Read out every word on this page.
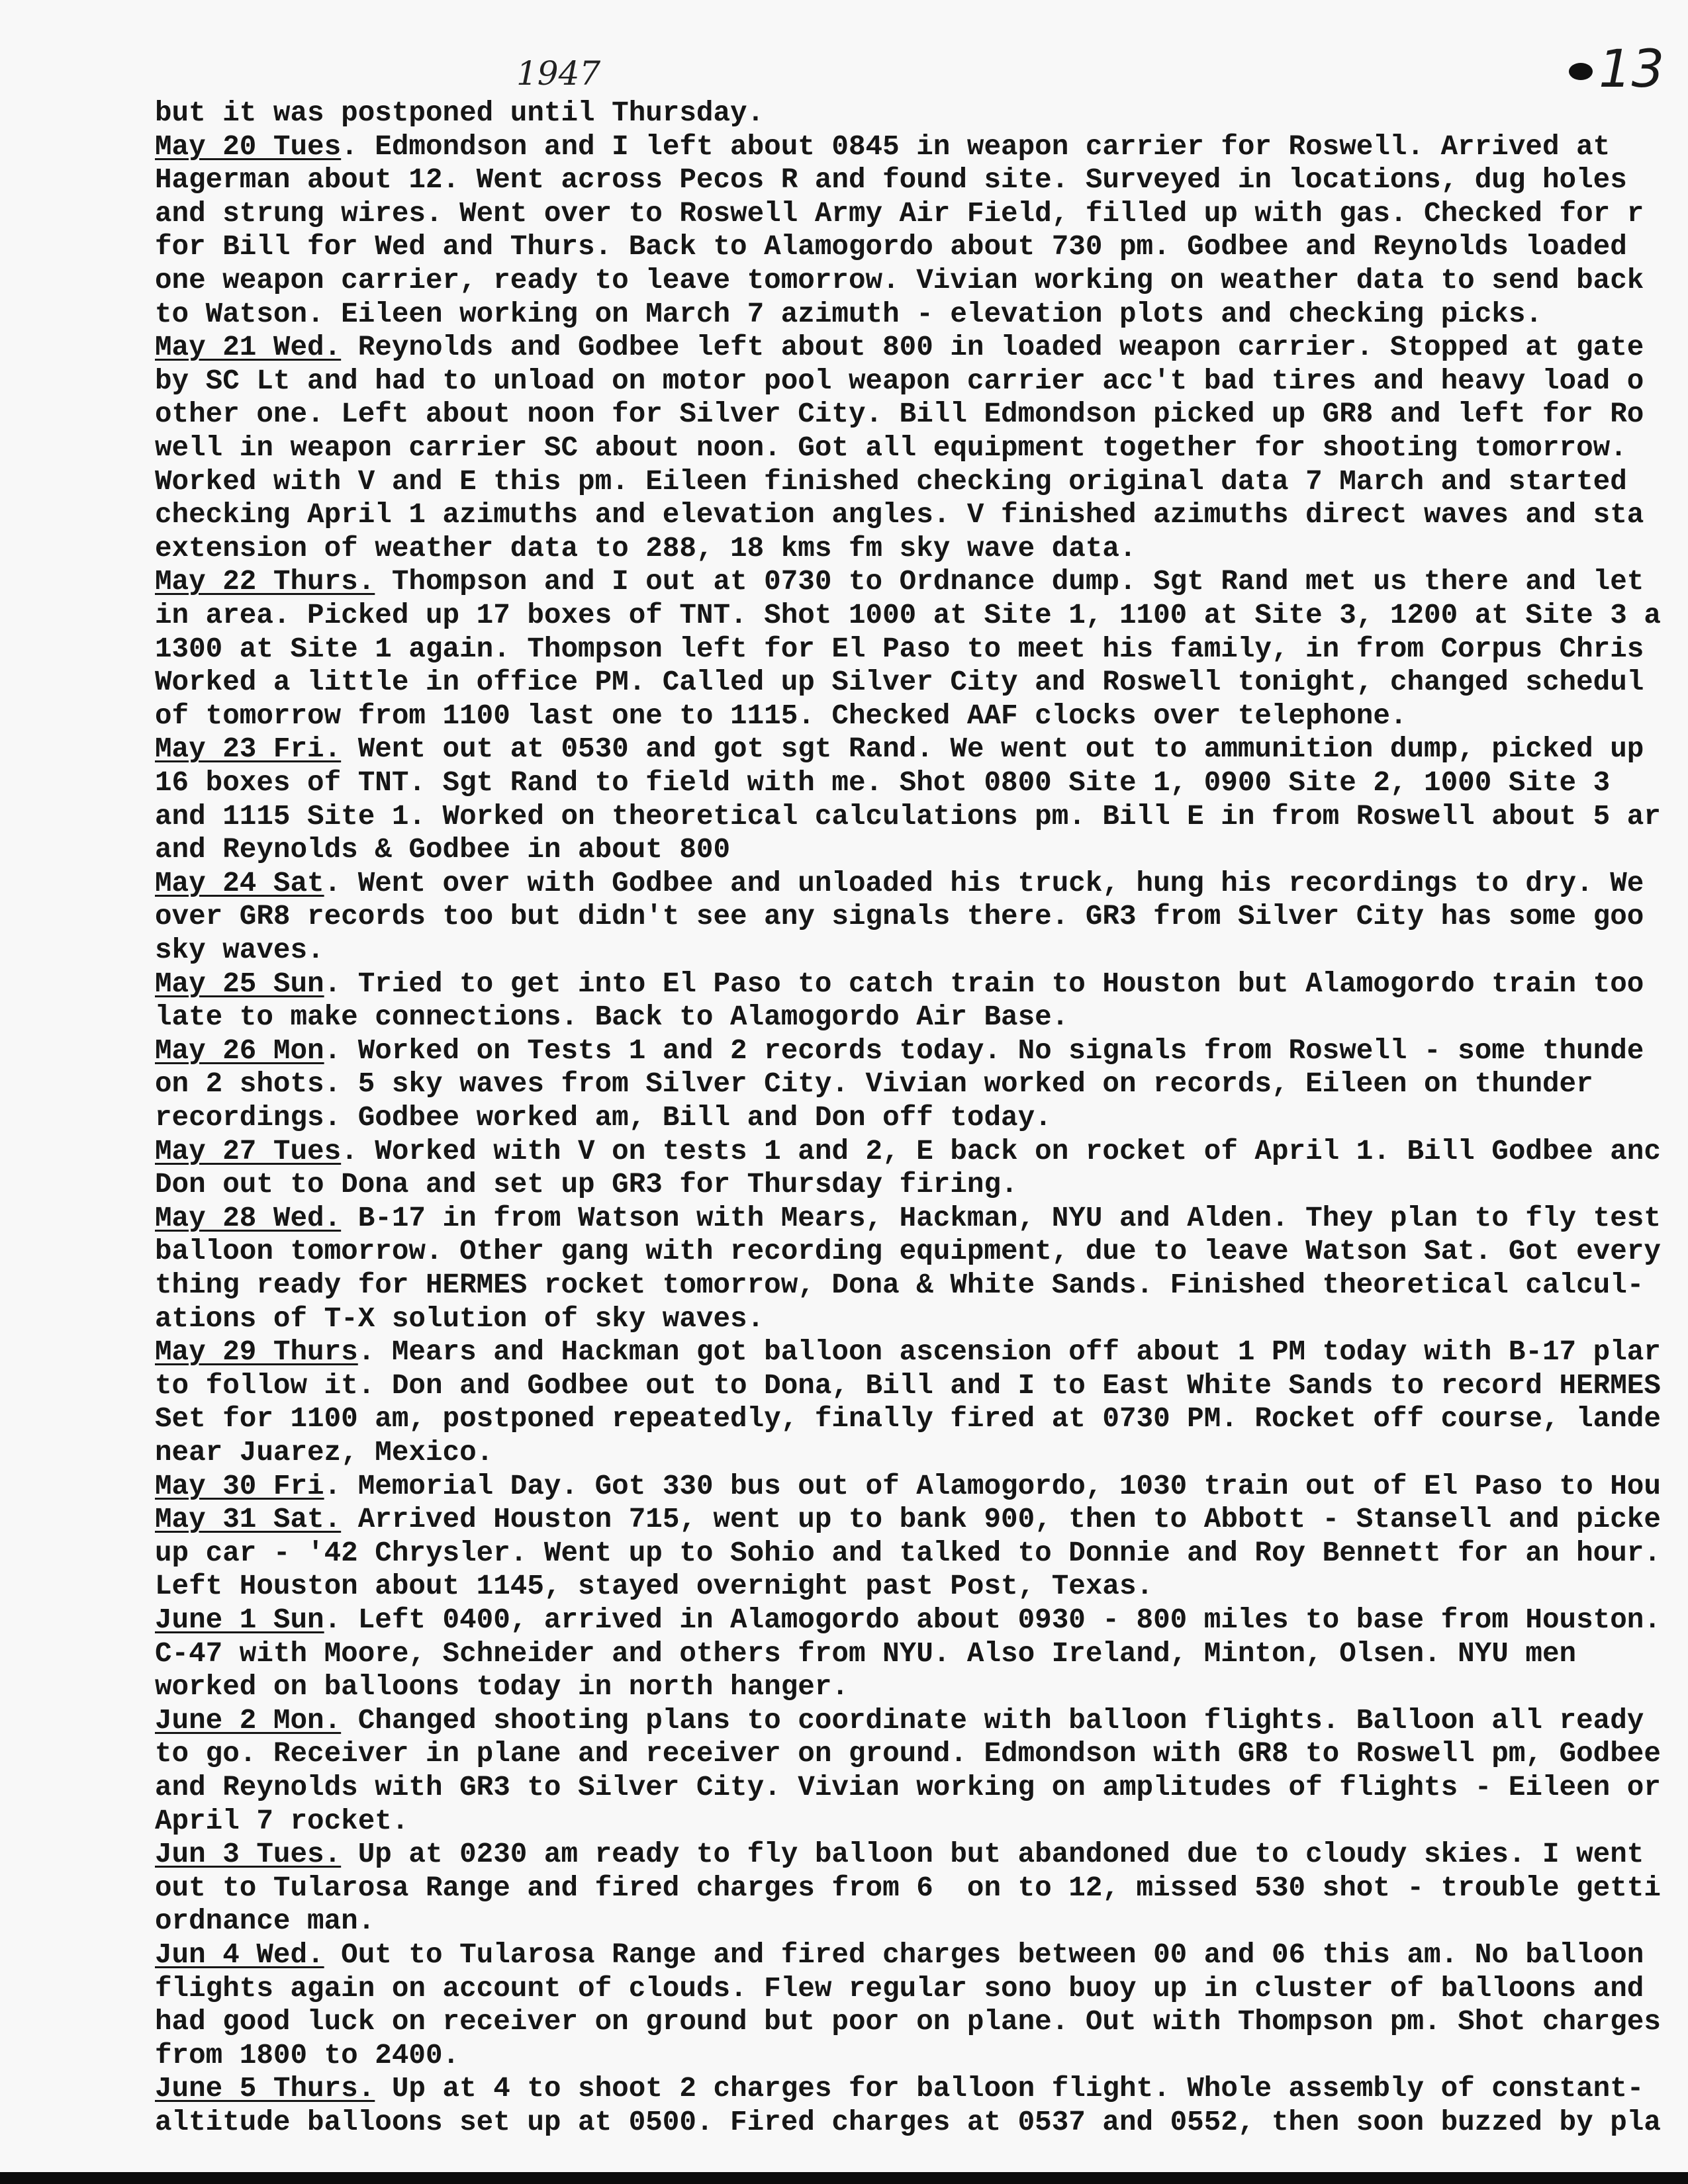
1947	13
but it was postponed until Thursday.
May 20 Tues. Edmondson and I left about 0845 in weapon carrier for Roswell. Arrived at
Hagerman about 12. Went across Pecos R and found site. Surveyed in locations, dug holes
and strung wires. Went over to Roswell Army Air Field, filled up with gas. Checked for r
for Bill for Wed and Thurs. Back to Alamogordo about 730 pm. Godbee and Reynolds loaded
one weapon carrier, ready to leave tomorrow. Vivian working on weather data to send back
to Watson. Eileen working on March 7 azimuth - elevation plots and checking picks.
May 21 Wed. Reynolds and Godbee left about 800 in loaded weapon carrier. Stopped at gate
by SC Lt and had to unload on motor pool weapon carrier acc't bad tires and heavy load o
other one. Left about noon for Silver City. Bill Edmondson picked up GR8 and left for Ro
well in weapon carrier SC about noon. Got all equipment together for shooting tomorrow.
Worked with V and E this pm. Eileen finished checking original data 7 March and started
checking April 1 azimuths and elevation angles. V finished azimuths direct waves and sta
extension of weather data to 288, 18 kms fm sky wave data.
May 22 Thurs. Thompson and I out at 0730 to Ordnance dump. Sgt Rand met us there and let
in area. Picked up 17 boxes of TNT. Shot 1000 at Site 1, 1100 at Site 3, 1200 at Site 3 a
1300 at Site 1 again. Thompson left for El Paso to meet his family, in from Corpus Chris
Worked a little in office PM. Called up Silver City and Roswell tonight, changed schedul
of tomorrow from 1100 last one to 1115. Checked AAF clocks over telephone.
May 23 Fri. Went out at 0530 and got sgt Rand. We went out to ammunition dump, picked up
16 boxes of TNT. Sgt Rand to field with me. Shot 0800 Site 1, 0900 Site 2, 1000 Site 3
and 1115 Site 1. Worked on theoretical calculations pm. Bill E in from Roswell about 5 ar
and Reynolds & Godbee in about 800
May 24 Sat. Went over with Godbee and unloaded his truck, hung his recordings to dry. We
over GR8 records too but didn't see any signals there. GR3 from Silver City has some goo
sky waves.
May 25 Sun. Tried to get into El Paso to catch train to Houston but Alamogordo train too
late to make connections. Back to Alamogordo Air Base.
May 26 Mon. Worked on Tests 1 and 2 records today. No signals from Roswell - some thunde
on 2 shots. 5 sky waves from Silver City. Vivian worked on records, Eileen on thunder
recordings. Godbee worked am, Bill and Don off today.
May 27 Tues. Worked with V on tests 1 and 2, E back on rocket of April 1. Bill Godbee anc
Don out to Dona and set up GR3 for Thursday firing.
May 28 Wed. B-17 in from Watson with Mears, Hackman, NYU and Alden. They plan to fly test
balloon tomorrow. Other gang with recording equipment, due to leave Watson Sat. Got every
thing ready for HERMES rocket tomorrow, Dona & White Sands. Finished theoretical calcul-
ations of T-X solution of sky waves.
May 29 Thurs. Mears and Hackman got balloon ascension off about 1 PM today with B-17 plar
to follow it. Don and Godbee out to Dona, Bill and I to East White Sands to record HERMES
Set for 1100 am, postponed repeatedly, finally fired at 0730 PM. Rocket off course, lande
near Juarez, Mexico.
May 30 Fri. Memorial Day. Got 330 bus out of Alamogordo, 1030 train out of El Paso to Hou
May 31 Sat. Arrived Houston 715, went up to bank 900, then to Abbott - Stansell and picke
up car - '42 Chrysler. Went up to Sohio and talked to Donnie and Roy Bennett for an hour.
Left Houston about 1145, stayed overnight past Post, Texas.
June 1 Sun. Left 0400, arrived in Alamogordo about 0930 - 800 miles to base from Houston.
C-47 with Moore, Schneider and others from NYU. Also Ireland, Minton, Olsen. NYU men
worked on balloons today in north hanger.
June 2 Mon. Changed shooting plans to coordinate with balloon flights. Balloon all ready
to go. Receiver in plane and receiver on ground. Edmondson with GR8 to Roswell pm, Godbee
and Reynolds with GR3 to Silver City. Vivian working on amplitudes of flights - Eileen or
April 7 rocket.
Jun 3 Tues. Up at 0230 am ready to fly balloon but abandoned due to cloudy skies. I went
out to Tularosa Range and fired charges from 6  on to 12, missed 530 shot - trouble getti
ordnance man.
Jun 4 Wed. Out to Tularosa Range and fired charges between 00 and 06 this am. No balloon
flights again on account of clouds. Flew regular sono buoy up in cluster of balloons and
had good luck on receiver on ground but poor on plane. Out with Thompson pm. Shot charges
from 1800 to 2400.
June 5 Thurs. Up at 4 to shoot 2 charges for balloon flight. Whole assembly of constant-
altitude balloons set up at 0500. Fired charges at 0537 and 0552, then soon buzzed by pla
